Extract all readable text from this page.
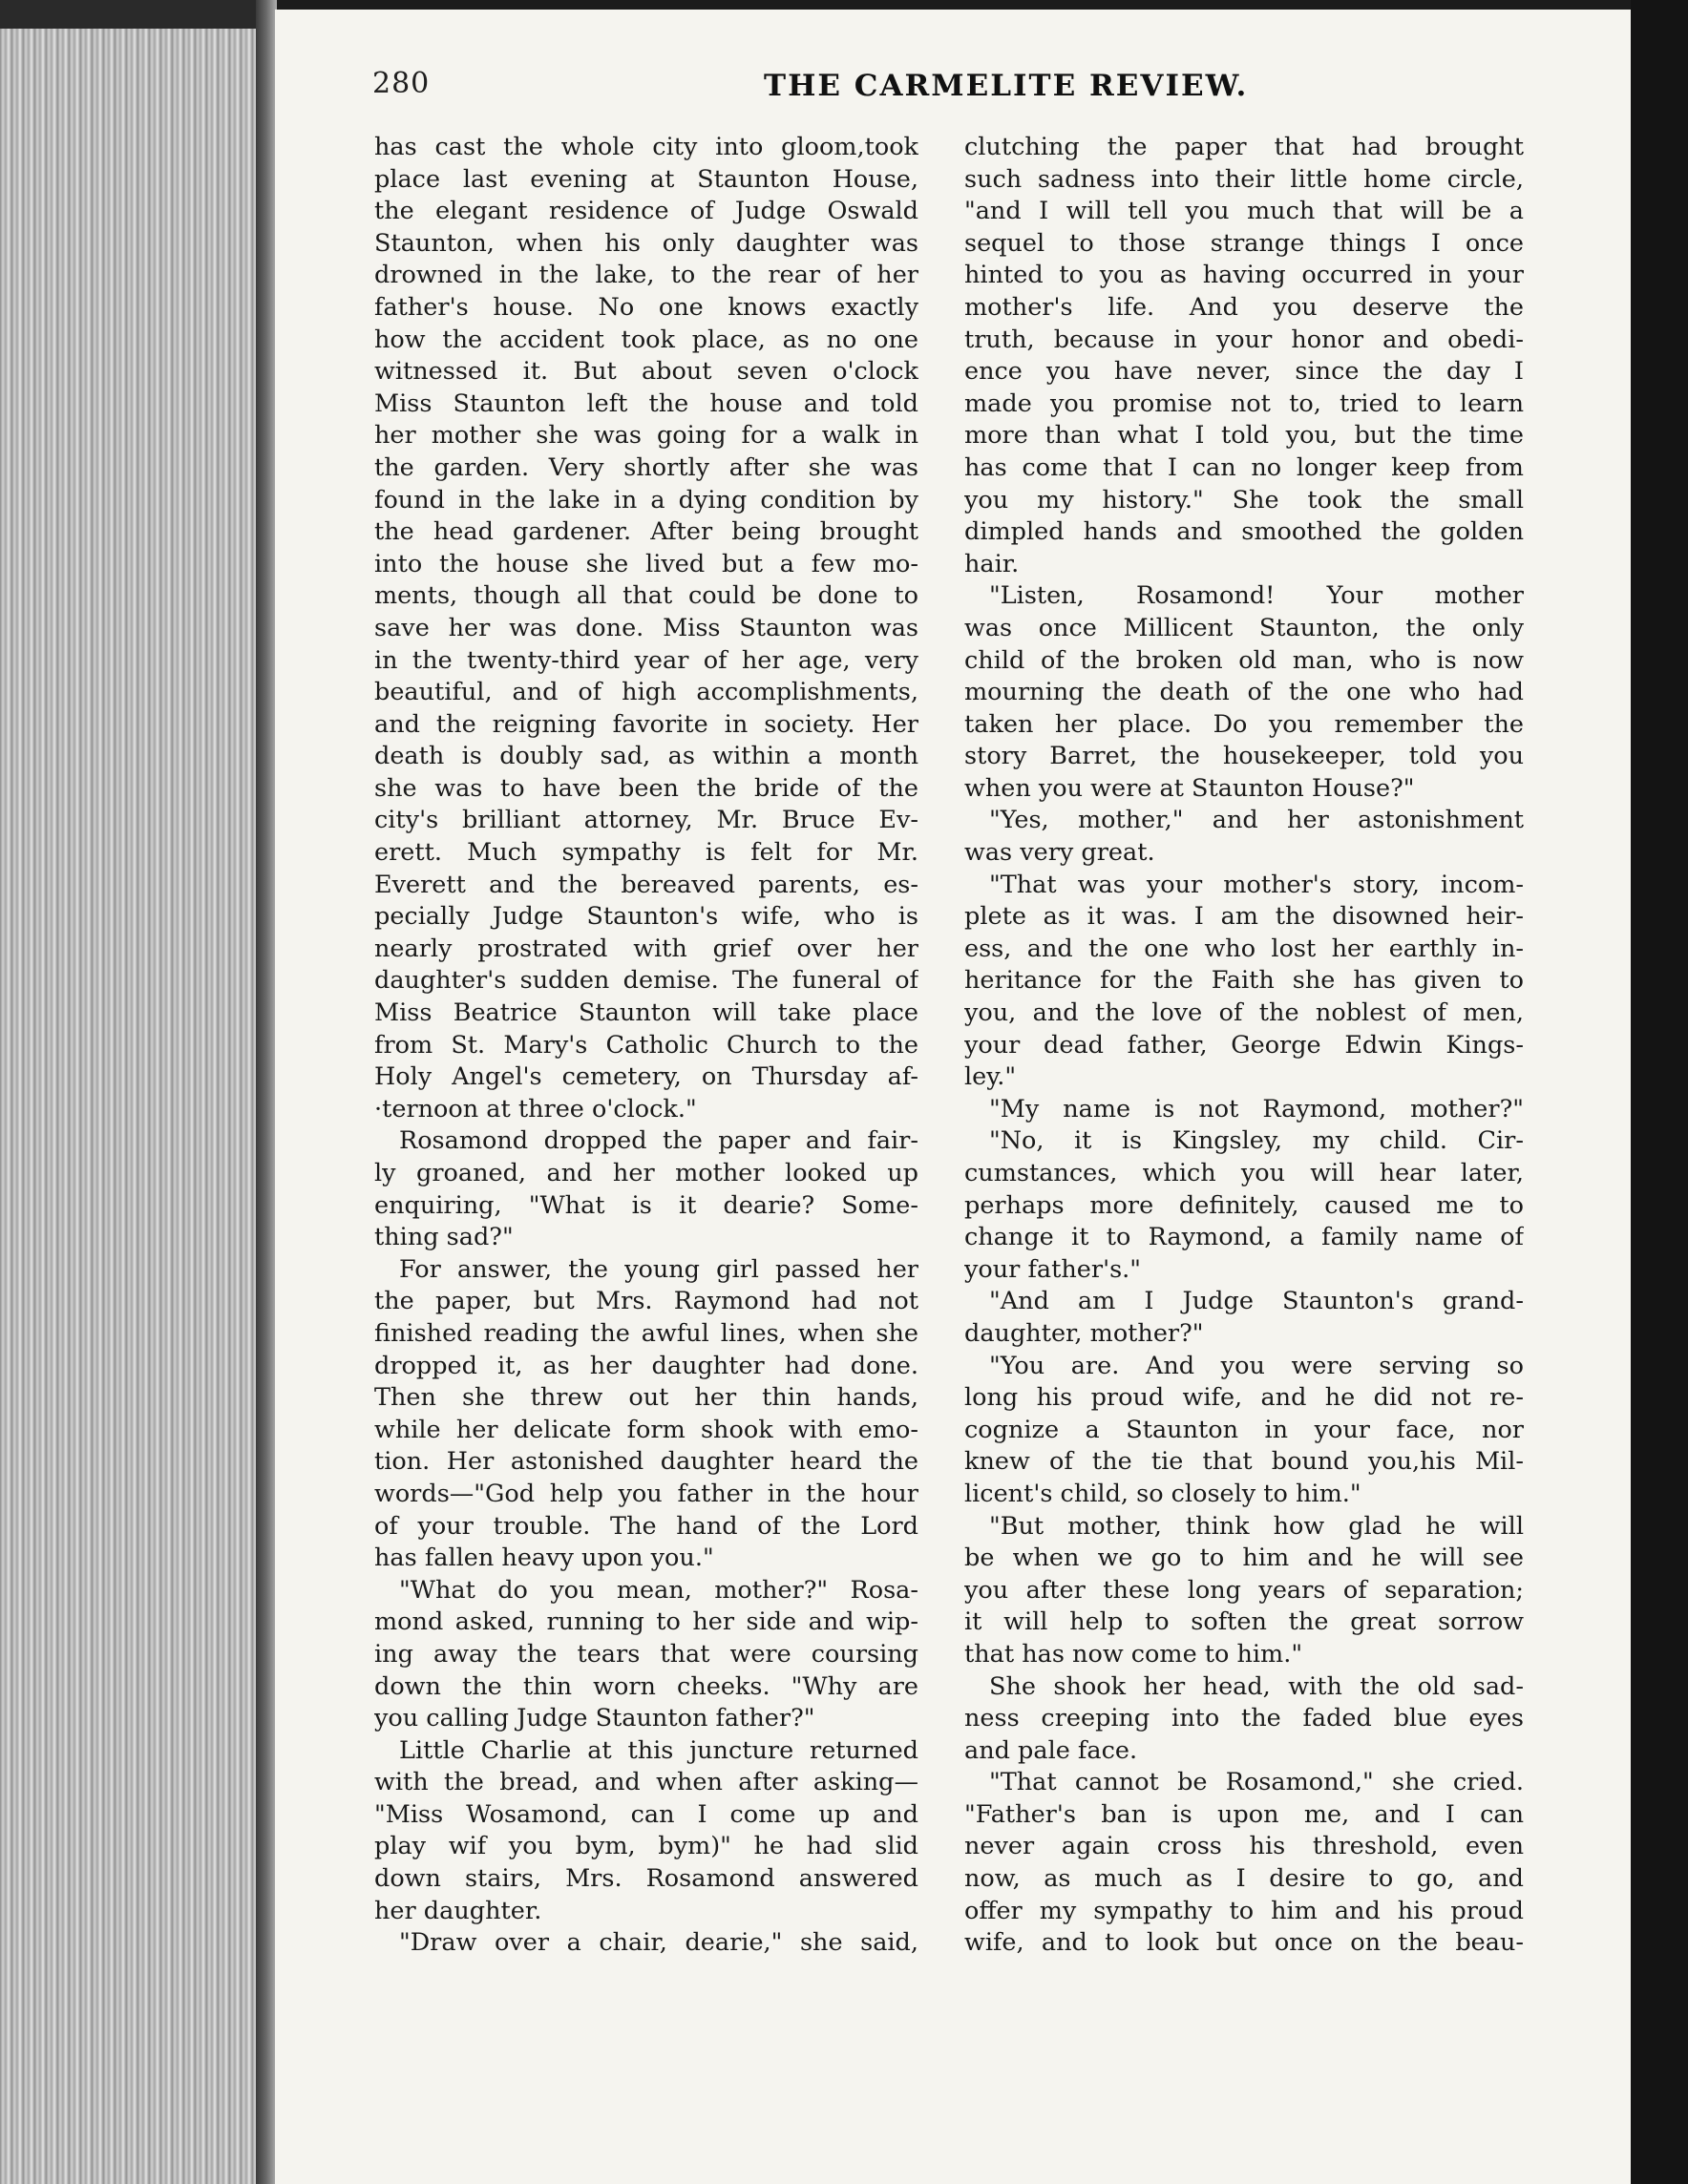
280	THE CARMELITE REVIEW.
has cast the whole city into gloom,took
place last evening at Staunton House,
the elegant residence of Judge Oswald
Staunton, when his only daughter was
drowned in the lake, to the rear of her
father's house. No one knows exactly
how the accident took place, as no one
witnessed it. But about seven o'clock
Miss Staunton left the house and told
her mother she was going for a walk in
the garden. Very shortly after she was
found in the lake in a dying condition by
the head gardener. After being brought
into the house she lived but a few mo-
ments, though all that could be done to
save her was done. Miss Staunton was
in the twenty-third year of her age, very
beautiful, and of high accomplishments,
and the reigning favorite in society. Her
death is doubly sad, as within a month
she was to have been the bride of the
city's brilliant attorney, Mr. Bruce Ev-
erett. Much sympathy is felt for Mr.
Everett and the bereaved parents, es-
pecially Judge Staunton's wife, who is
nearly prostrated with grief over her
daughter's sudden demise. The funeral of
Miss Beatrice Staunton will take place
from St. Mary's Catholic Church to the
Holy Angel's cemetery, on Thursday af-
·ternoon at three o'clock."
Rosamond dropped the paper and fair-
ly groaned, and her mother looked up
enquiring, "What is it dearie? Some-
thing sad?"
For answer, the young girl passed her
the paper, but Mrs. Raymond had not
finished reading the awful lines, when she
dropped it, as her daughter had done.
Then she threw out her thin hands,
while her delicate form shook with emo-
tion. Her astonished daughter heard the
words—"God help you father in the hour
of your trouble. The hand of the Lord
has fallen heavy upon you."
"What do you mean, mother?" Rosa-
mond asked, running to her side and wip-
ing away the tears that were coursing
down the thin worn cheeks. "Why are
you calling Judge Staunton father?"
Little Charlie at this juncture returned
with the bread, and when after asking—
"Miss Wosamond, can I come up and
play wif you bym, bym)" he had slid
down stairs, Mrs. Rosamond answered
her daughter.
"Draw over a chair, dearie," she said,
clutching the paper that had brought
such sadness into their little home circle,
"and I will tell you much that will be a
sequel to those strange things I once
hinted to you as having occurred in your
mother's life. And you deserve the
truth, because in your honor and obedi-
ence you have never, since the day I
made you promise not to, tried to learn
more than what I told you, but the time
has come that I can no longer keep from
you my history." She took the small
dimpled hands and smoothed the golden
hair.
"Listen, Rosamond! Your mother
was once Millicent Staunton, the only
child of the broken old man, who is now
mourning the death of the one who had
taken her place. Do you remember the
story Barret, the housekeeper, told you
when you were at Staunton House?"
"Yes, mother," and her astonishment
was very great.
"That was your mother's story, incom-
plete as it was. I am the disowned heir-
ess, and the one who lost her earthly in-
heritance for the Faith she has given to
you, and the love of the noblest of men,
your dead father, George Edwin Kings-
ley."
"My name is not Raymond, mother?"
"No, it is Kingsley, my child. Cir-
cumstances, which you will hear later,
perhaps more definitely, caused me to
change it to Raymond, a family name of
your father's."
"And am I Judge Staunton's grand-
daughter, mother?"
"You are. And you were serving so
long his proud wife, and he did not re-
cognize a Staunton in your face, nor
knew of the tie that bound you,his Mil-
licent's child, so closely to him."
"But mother, think how glad he will
be when we go to him and he will see
you after these long years of separation;
it will help to soften the great sorrow
that has now come to him."
She shook her head, with the old sad-
ness creeping into the faded blue eyes
and pale face.
"That cannot be Rosamond," she cried.
"Father's ban is upon me, and I can
never again cross his threshold, even
now, as much as I desire to go, and
offer my sympathy to him and his proud
wife, and to look but once on the beau-
